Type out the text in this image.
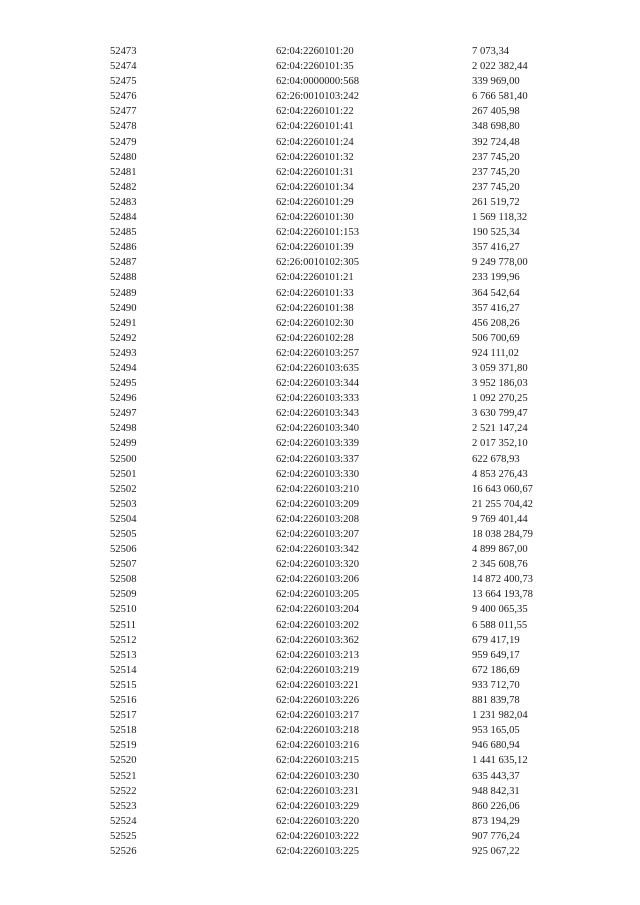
52473	62:04:2260101:20	7 073,34
52474	62:04:2260101:35	2 022 382,44
52475	62:04:0000000:568	339 969,00
52476	62:26:0010103:242	6 766 581,40
52477	62:04:2260101:22	267 405,98
52478	62:04:2260101:41	348 698,80
52479	62:04:2260101:24	392 724,48
52480	62:04:2260101:32	237 745,20
52481	62:04:2260101:31	237 745,20
52482	62:04:2260101:34	237 745,20
52483	62:04:2260101:29	261 519,72
52484	62:04:2260101:30	1 569 118,32
52485	62:04:2260101:153	190 525,34
52486	62:04:2260101:39	357 416,27
52487	62:26:0010102:305	9 249 778,00
52488	62:04:2260101:21	233 199,96
52489	62:04:2260101:33	364 542,64
52490	62:04:2260101:38	357 416,27
52491	62:04:2260102:30	456 208,26
52492	62:04:2260102:28	506 700,69
52493	62:04:2260103:257	924 111,02
52494	62:04:2260103:635	3 059 371,80
52495	62:04:2260103:344	3 952 186,03
52496	62:04:2260103:333	1 092 270,25
52497	62:04:2260103:343	3 630 799,47
52498	62:04:2260103:340	2 521 147,24
52499	62:04:2260103:339	2 017 352,10
52500	62:04:2260103:337	622 678,93
52501	62:04:2260103:330	4 853 276,43
52502	62:04:2260103:210	16 643 060,67
52503	62:04:2260103:209	21 255 704,42
52504	62:04:2260103:208	9 769 401,44
52505	62:04:2260103:207	18 038 284,79
52506	62:04:2260103:342	4 899 867,00
52507	62:04:2260103:320	2 345 608,76
52508	62:04:2260103:206	14 872 400,73
52509	62:04:2260103:205	13 664 193,78
52510	62:04:2260103:204	9 400 065,35
52511	62:04:2260103:202	6 588 011,55
52512	62:04:2260103:362	679 417,19
52513	62:04:2260103:213	959 649,17
52514	62:04:2260103:219	672 186,69
52515	62:04:2260103:221	933 712,70
52516	62:04:2260103:226	881 839,78
52517	62:04:2260103:217	1 231 982,04
52518	62:04:2260103:218	953 165,05
52519	62:04:2260103:216	946 680,94
52520	62:04:2260103:215	1 441 635,12
52521	62:04:2260103:230	635 443,37
52522	62:04:2260103:231	948 842,31
52523	62:04:2260103:229	860 226,06
52524	62:04:2260103:220	873 194,29
52525	62:04:2260103:222	907 776,24
52526	62:04:2260103:225	925 067,22
